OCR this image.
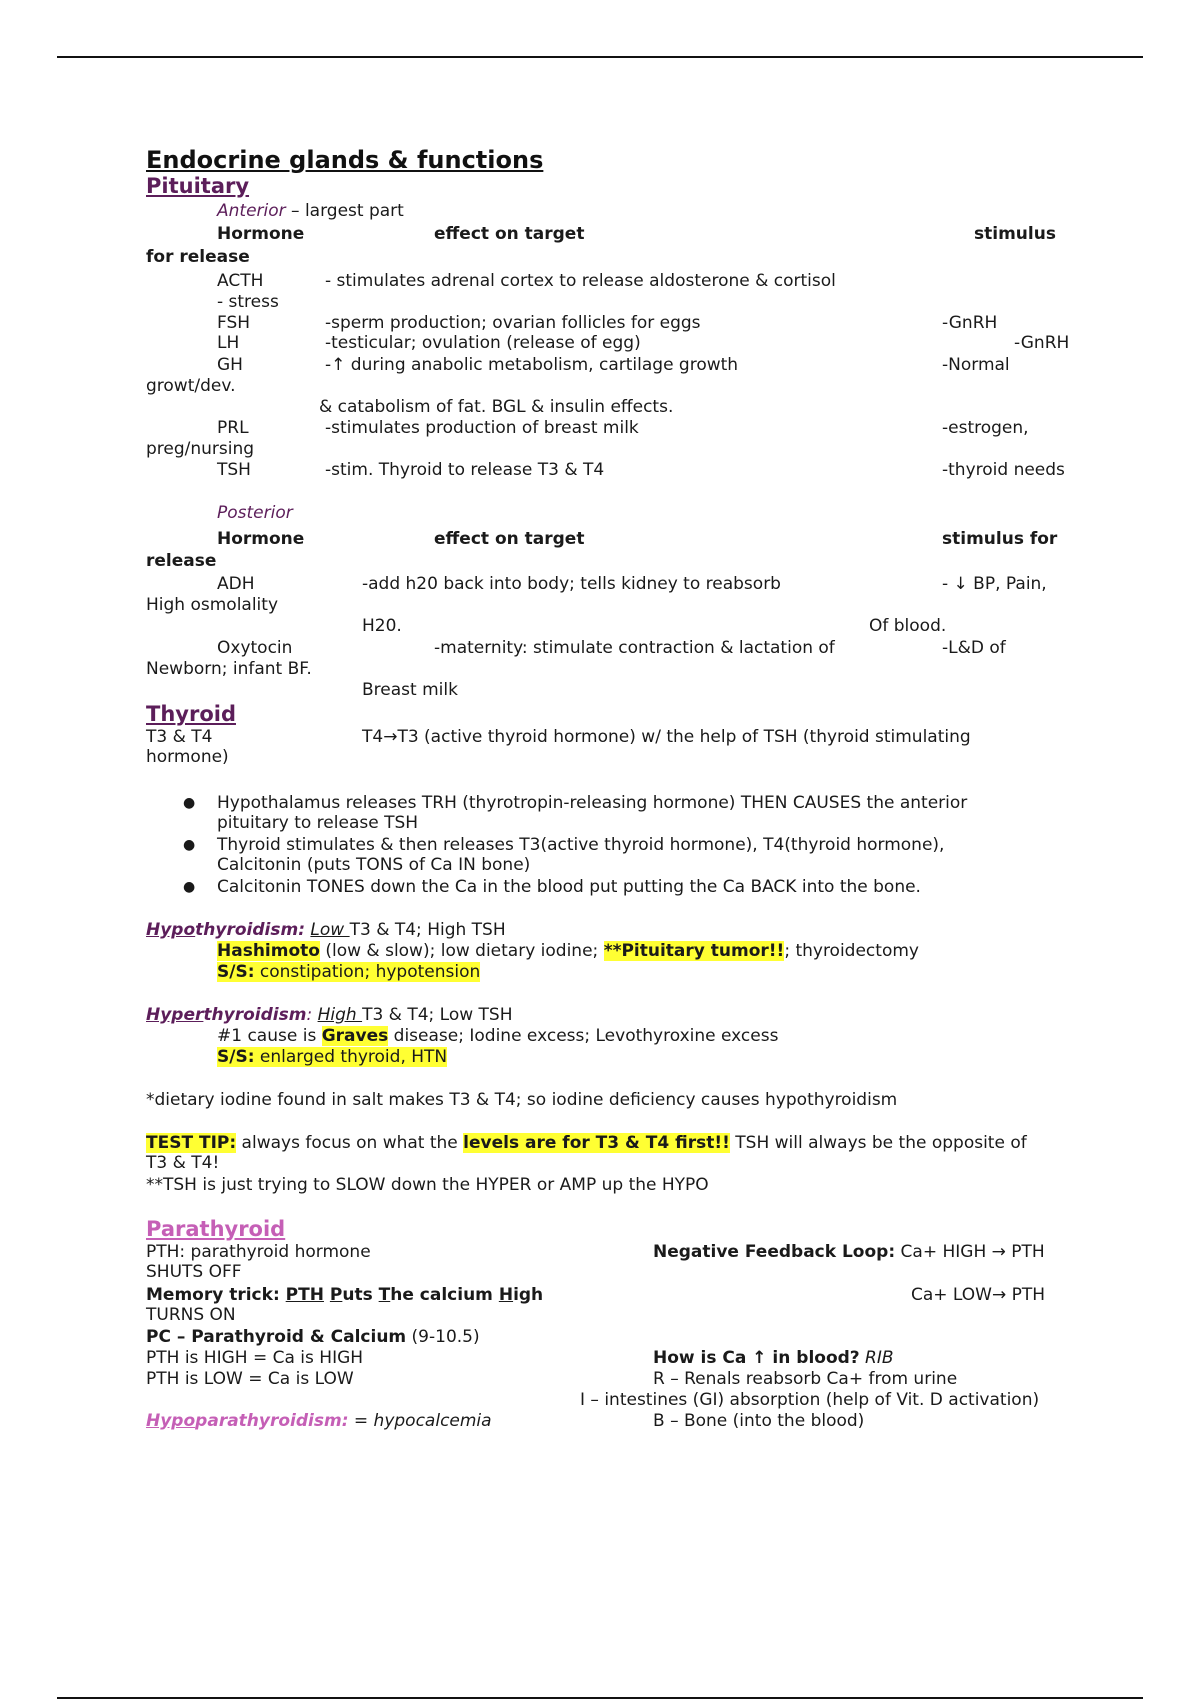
Endocrine glands & functions
Pituitary
Anterior – largest part
Hormone	effect on target	stimulus
for release
ACTH	- stimulates adrenal cortex to release aldosterone & cortisol
- stress
FSH	-sperm production; ovarian follicles for eggs	-GnRH
LH	-testicular; ovulation (release of egg)	-GnRH
GH	-↑ during anabolic metabolism, cartilage growth	-Normal
growt/dev.
& catabolism of fat. BGL & insulin effects.
PRL	-stimulates production of breast milk	-estrogen,
preg/nursing
TSH	-stim. Thyroid to release T3 & T4	-thyroid needs
Posterior
Hormone	effect on target	stimulus for
release
ADH	-add h20 back into body; tells kidney to reabsorb	- ↓ BP, Pain,
High osmolality
H20.	Of blood.
Oxytocin	-maternity: stimulate contraction & lactation of	-L&D of
Newborn; infant BF.
Breast milk
Thyroid
T3 & T4	T4→T3 (active thyroid hormone) w/ the help of TSH (thyroid stimulating
hormone)
● Hypothalamus releases TRH (thyrotropin-releasing hormone) THEN CAUSES the anterior
pituitary to release TSH
● Thyroid stimulates & then releases T3(active thyroid hormone), T4(thyroid hormone),
Calcitonin (puts TONS of Ca IN bone)
● Calcitonin TONES down the Ca in the blood put putting the Ca BACK into the bone.
Hypothyroidism: Low T3 & T4; High TSH
Hashimoto (low & slow); low dietary iodine; **Pituitary tumor!!; thyroidectomy
S/S: constipation; hypotension
Hyperthyroidism: High T3 & T4; Low TSH
#1 cause is Graves disease; Iodine excess; Levothyroxine excess
S/S: enlarged thyroid, HTN
*dietary iodine found in salt makes T3 & T4; so iodine deficiency causes hypothyroidism
TEST TIP: always focus on what the levels are for T3 & T4 first!! TSH will always be the opposite of
T3 & T4!
**TSH is just trying to SLOW down the HYPER or AMP up the HYPO
Parathyroid
PTH: parathyroid hormone	Negative Feedback Loop: Ca+ HIGH → PTH
SHUTS OFF
Memory trick: PTH Puts The calcium High	Ca+ LOW→ PTH
TURNS ON
PC – Parathyroid & Calcium (9-10.5)
PTH is HIGH = Ca is HIGH	How is Ca ↑ in blood? RIB
PTH is LOW = Ca is LOW	R – Renals reabsorb Ca+ from urine
I – intestines (GI) absorption (help of Vit. D activation)
Hypoparathyroidism: = hypocalcemia	B – Bone (into the blood)
